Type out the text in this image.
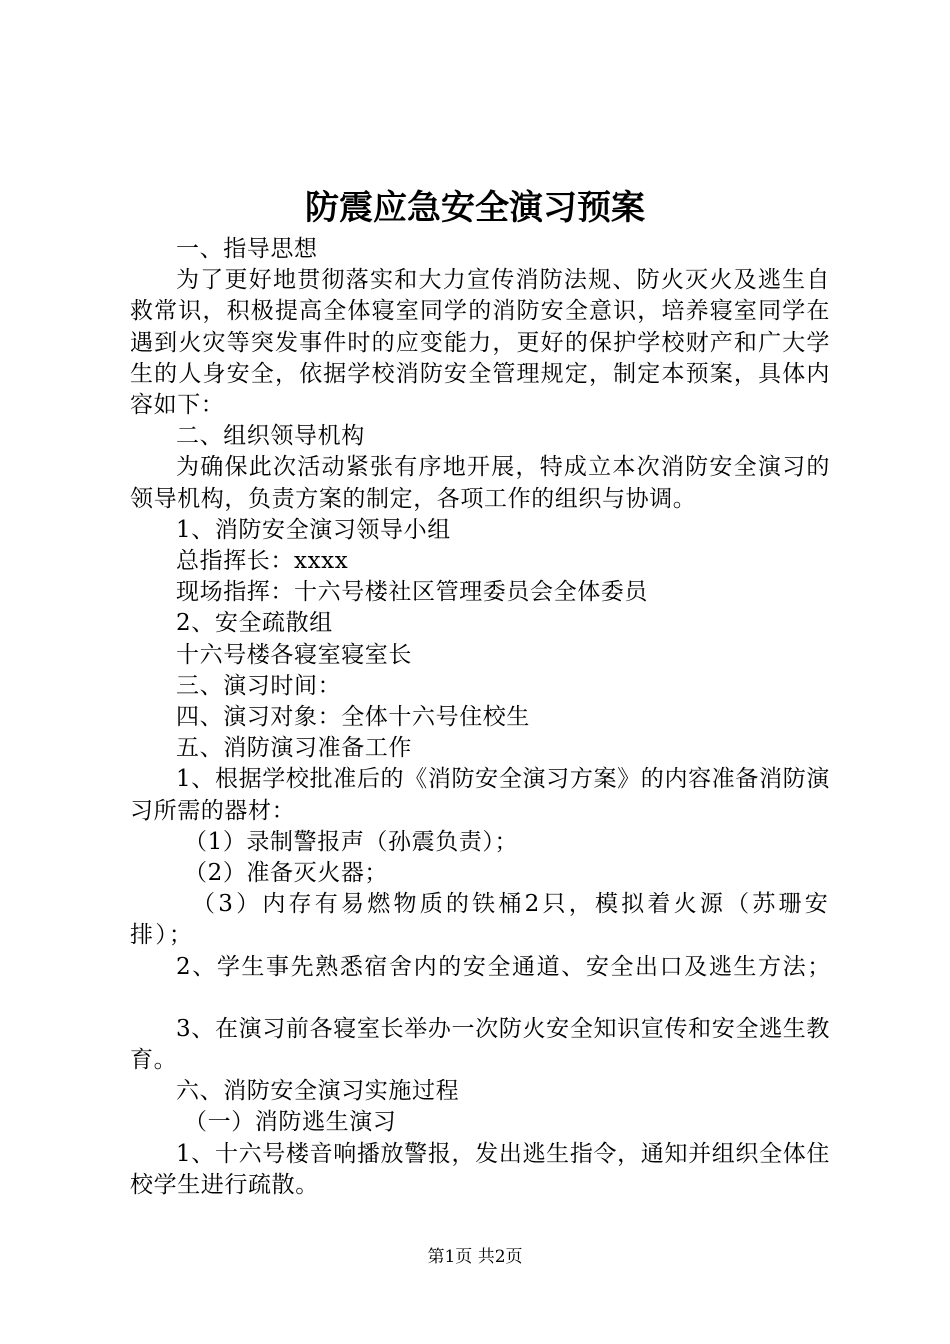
防震应急安全演习预案

一、指导思想

为了更好地贯彻落实和大力宣传消防法规、防火灭火及逃生自救常识，积极提高全体寝室同学的消防安全意识，培养寝室同学在遇到火灾等突发事件时的应变能力，更好的保护学校财产和广大学生的人身安全，依据学校消防安全管理规定，制定本预案，具体内容如下：

二、组织领导机构

为确保此次活动紧张有序地开展，特成立本次消防安全演习的领导机构，负责方案的制定，各项工作的组织与协调。

1、消防安全演习领导小组

总指挥长：xxxx

现场指挥：十六号楼社区管理委员会全体委员

2、安全疏散组

十六号楼各寝室寝室长

三、演习时间：

四、演习对象：全体十六号住校生

五、消防演习准备工作

1、根据学校批准后的《消防安全演习方案》的内容准备消防演习所需的器材：

（1）录制警报声（孙震负责）；

（2）准备灭火器；

（3）内存有易燃物质的铁桶2只，模拟着火源（苏珊安排）；

2、学生事先熟悉宿舍内的安全通道、安全出口及逃生方法；

3、在演习前各寝室长举办一次防火安全知识宣传和安全逃生教育。

六、消防安全演习实施过程

（一）消防逃生演习

1、十六号楼音响播放警报，发出逃生指令，通知并组织全体住校学生进行疏散。

第1页 共2页
